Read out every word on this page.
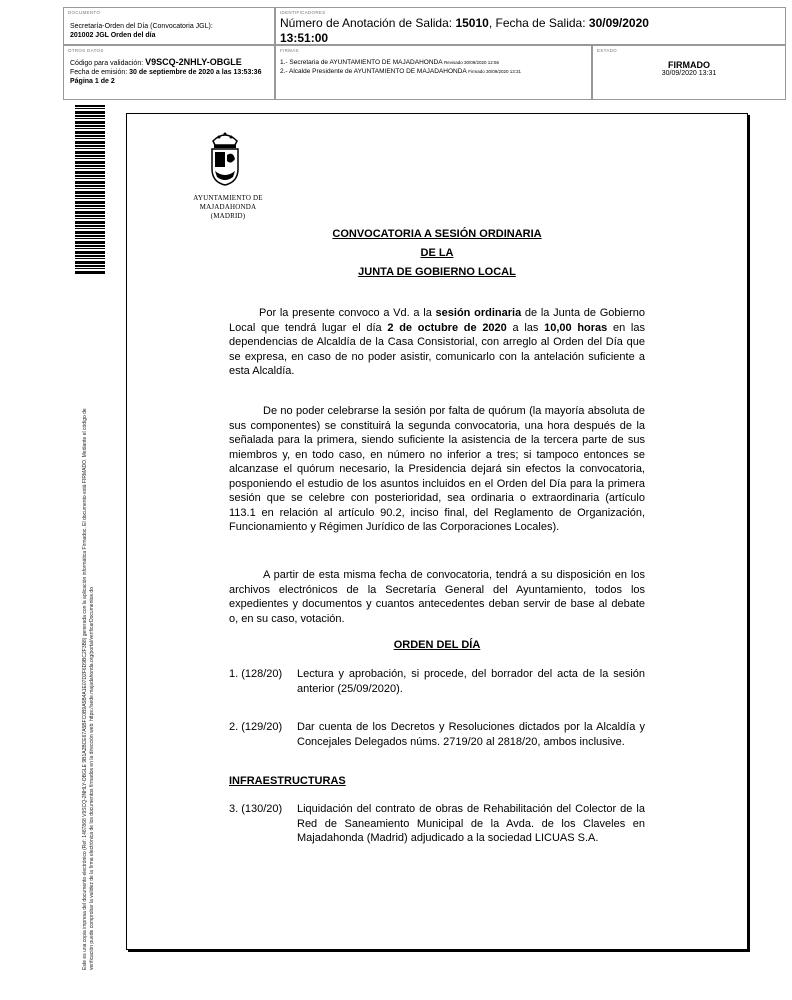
DOCUMENTO
Secretaría-Orden del Día (Convocatoria JGL):
201002 JGL Orden del día
IDENTIFICADORES
Número de Anotación de Salida: 15010, Fecha de Salida: 30/09/2020
13:51:00
OTROS DATOS
Código para validación: V9SCQ-2NHLY-OBGLE
Fecha de emisión: 30 de septiembre de 2020 a las 13:53:36
Página 1 de 2
FIRMAS
1.- Secretaria de AYUNTAMIENTO DE MAJADAHONDA Revisado 30/09/2020 12:56
2.- Alcalde Presidente de AYUNTAMIENTO DE MAJADAHONDA Firmado 30/09/2020 13:31
ESTADO
FIRMADO
30/09/2020 13:31
Este es una copia impresa del documento electrónico (Ref: 1487868 V9SCQ-2NHLY-OBGLE 9B1A2BCE67A5BFC0B9A5B4A1E07D2F6D9BC2F3B8) generada con la aplicación informática Firmadoc. El documento está FIRMADO. Mediante el código de verificación puede comprobar la validez de la firma electrónica de los documentos firmados en la dirección web: https://sede.majadahonda.org/portal/verificarDocumentos.do
AYUNTAMIENTO DE
MAJADAHONDA
(MADRID)
CONVOCATORIA A SESIÓN ORDINARIA
DE LA
JUNTA DE GOBIERNO LOCAL
Por la presente convoco a Vd. a la sesión ordinaria de la Junta de Gobierno Local que tendrá lugar el día 2 de octubre de 2020 a las 10,00 horas en las dependencias de Alcaldía de la Casa Consistorial, con arreglo al Orden del Día que se expresa, en caso de no poder asistir, comunicarlo con la antelación suficiente a esta Alcaldía.
De no poder celebrarse la sesión por falta de quórum (la mayoría absoluta de sus componentes) se constituirá la segunda convocatoria, una hora después de la señalada para la primera, siendo suficiente la asistencia de la tercera parte de sus miembros y, en todo caso, en número no inferior a tres; si tampoco entonces se alcanzase el quórum necesario, la Presidencia dejará sin efectos la convocatoria, posponiendo el estudio de los asuntos incluidos en el Orden del Día para la primera sesión que se celebre con posterioridad, sea ordinaria o extraordinaria (artículo 113.1 en relación al artículo 90.2, inciso final, del Reglamento de Organización, Funcionamiento y Régimen Jurídico de las Corporaciones Locales).
A partir de esta misma fecha de convocatoria, tendrá a su disposición en los archivos electrónicos de la Secretaría General del Ayuntamiento, todos los expedientes y documentos y cuantos antecedentes deban servir de base al debate o, en su caso, votación.
ORDEN DEL DÍA
1. (128/20)	Lectura y aprobación, si procede, del borrador del acta de la sesión anterior (25/09/2020).
2. (129/20)	Dar cuenta de los Decretos y Resoluciones dictados por la Alcaldía y Concejales Delegados núms. 2719/20 al 2818/20, ambos inclusive.
INFRAESTRUCTURAS
3. (130/20)	Liquidación del contrato de obras de Rehabilitación del Colector de la Red de Saneamiento Municipal de la Avda. de los Claveles en Majadahonda (Madrid) adjudicado a la sociedad LICUAS S.A.
